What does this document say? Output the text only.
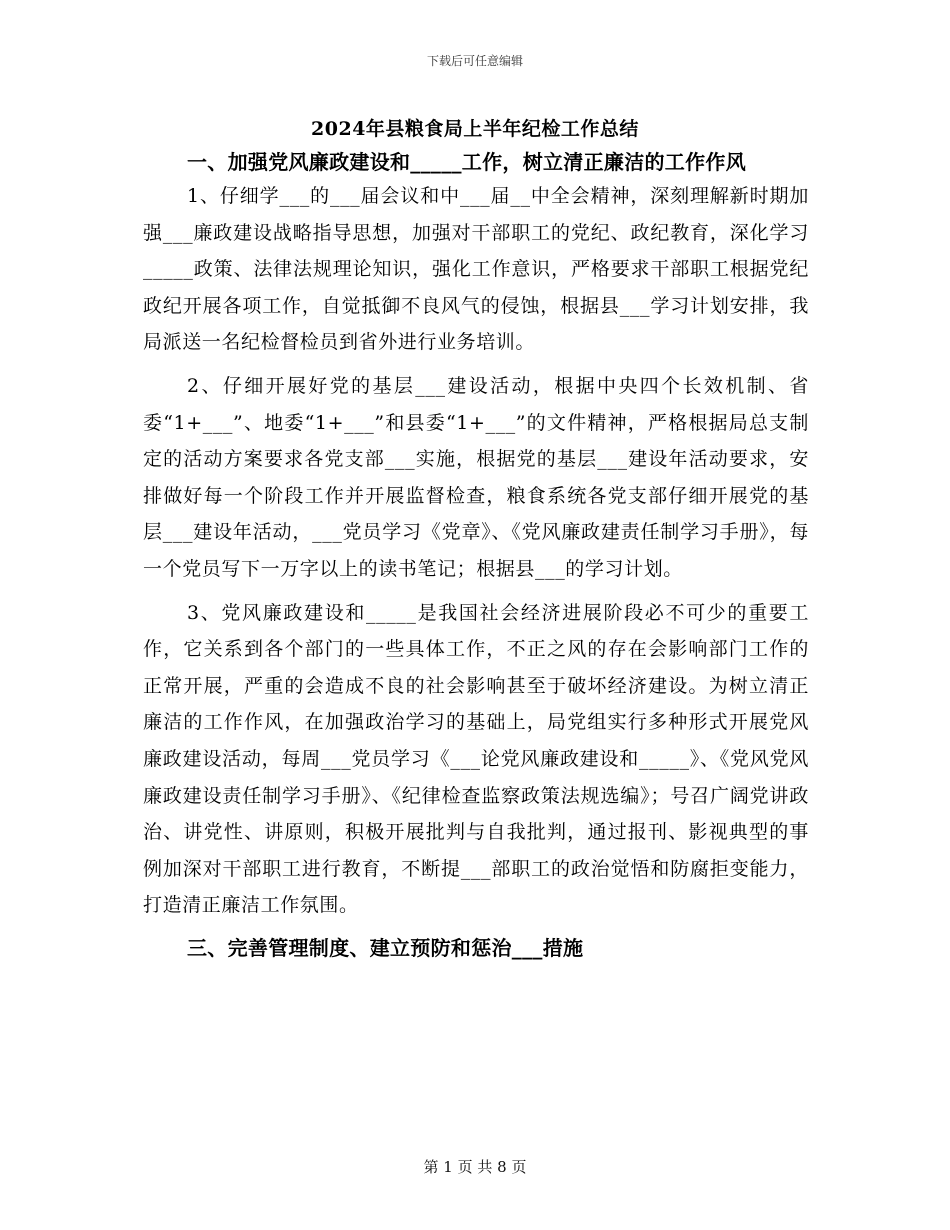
下载后可任意编辑
2024年县粮食局上半年纪检工作总结

一、加强党风廉政建设和_____工作，树立清正廉洁的工作作风

1、仔细学___的___届会议和中___届__中全会精神，深刻理解新时期加强___廉政建设战略指导思想，加强对干部职工的党纪、政纪教育，深化学习_____政策、法律法规理论知识，强化工作意识，严格要求干部职工根据党纪政纪开展各项工作，自觉抵御不良风气的侵蚀，根据县___学习计划安排，我局派送一名纪检督检员到省外进行业务培训。

2、仔细开展好党的基层___建设活动，根据中央四个长效机制、省委“1+___”、地委“1+___”和县委“1+___”的文件精神，严格根据局总支制定的活动方案要求各党支部___实施，根据党的基层___建设年活动要求，安排做好每一个阶段工作并开展监督检查，粮食系统各党支部仔细开展党的基层___建设年活动，___党员学习《党章》、《党风廉政建责任制学习手册》，每一个党员写下一万字以上的读书笔记；根据县___的学习计划。

3、党风廉政建设和_____是我国社会经济进展阶段必不可少的重要工作，它关系到各个部门的一些具体工作，不正之风的存在会影响部门工作的正常开展，严重的会造成不良的社会影响甚至于破坏经济建设。为树立清正廉洁的工作作风，在加强政治学习的基础上，局党组实行多种形式开展党风廉政建设活动，每周___党员学习《___论党风廉政建设和_____》、《党风党风廉政建设责任制学习手册》、《纪律检查监察政策法规选编》；号召广阔党讲政治、讲党性、讲原则，积极开展批判与自我批判，通过报刊、影视典型的事例加深对干部职工进行教育，不断提___部职工的政治觉悟和防腐拒变能力，打造清正廉洁工作氛围。

三、完善管理制度、建立预防和惩治___措施

第 1 页 共 8 页
